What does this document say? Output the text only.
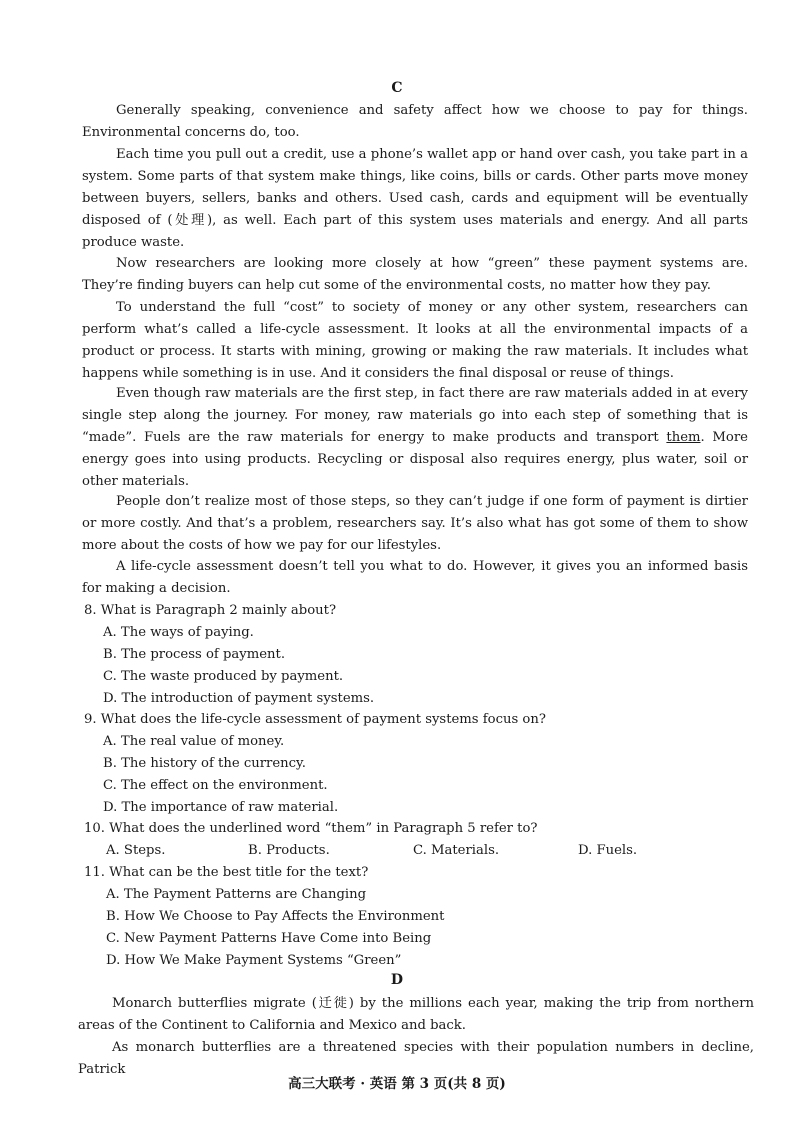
C

Generally speaking, convenience and safety affect how we choose to pay for things. Environmental concerns do, too.

Each time you pull out a credit, use a phone’s wallet app or hand over cash, you take part in a system. Some parts of that system make things, like coins, bills or cards. Other parts move money between buyers, sellers, banks and others. Used cash, cards and equipment will be eventually disposed of (处理), as well. Each part of this system uses materials and energy. And all parts produce waste.

Now researchers are looking more closely at how “green” these payment systems are. They’re finding buyers can help cut some of the environmental costs, no matter how they pay.

To understand the full “cost” to society of money or any other system, researchers can perform what’s called a life-cycle assessment. It looks at all the environmental impacts of a product or process. It starts with mining, growing or making the raw materials. It includes what happens while something is in use. And it considers the final disposal or reuse of things.

Even though raw materials are the first step, in fact there are raw materials added in at every single step along the journey. For money, raw materials go into each step of something that is “made”. Fuels are the raw materials for energy to make products and transport them. More energy goes into using products. Recycling or disposal also requires energy, plus water, soil or other materials.

People don’t realize most of those steps, so they can’t judge if one form of payment is dirtier or more costly. And that’s a problem, researchers say. It’s also what has got some of them to show more about the costs of how we pay for our lifestyles.

A life-cycle assessment doesn’t tell you what to do. However, it gives you an informed basis for making a decision.

8. What is Paragraph 2 mainly about?

A. The ways of paying.

B. The process of payment.

C. The waste produced by payment.

D. The introduction of payment systems.

9. What does the life-cycle assessment of payment systems focus on?

A. The real value of money.

B. The history of the currency.

C. The effect on the environment.

D. The importance of raw material.

10. What does the underlined word “them” in Paragraph 5 refer to?

A. Steps.	B. Products.	C. Materials.	D. Fuels.

11. What can be the best title for the text?

A. The Payment Patterns are Changing

B. How We Choose to Pay Affects the Environment

C. New Payment Patterns Have Come into Being

D. How We Make Payment Systems “Green”

D

Monarch butterflies migrate (迁徙) by the millions each year, making the trip from northern areas of the Continent to California and Mexico and back.

As monarch butterflies are a threatened species with their population numbers in decline, Patrick

高三大联考 · 英语 第 3 页(共 8 页)
